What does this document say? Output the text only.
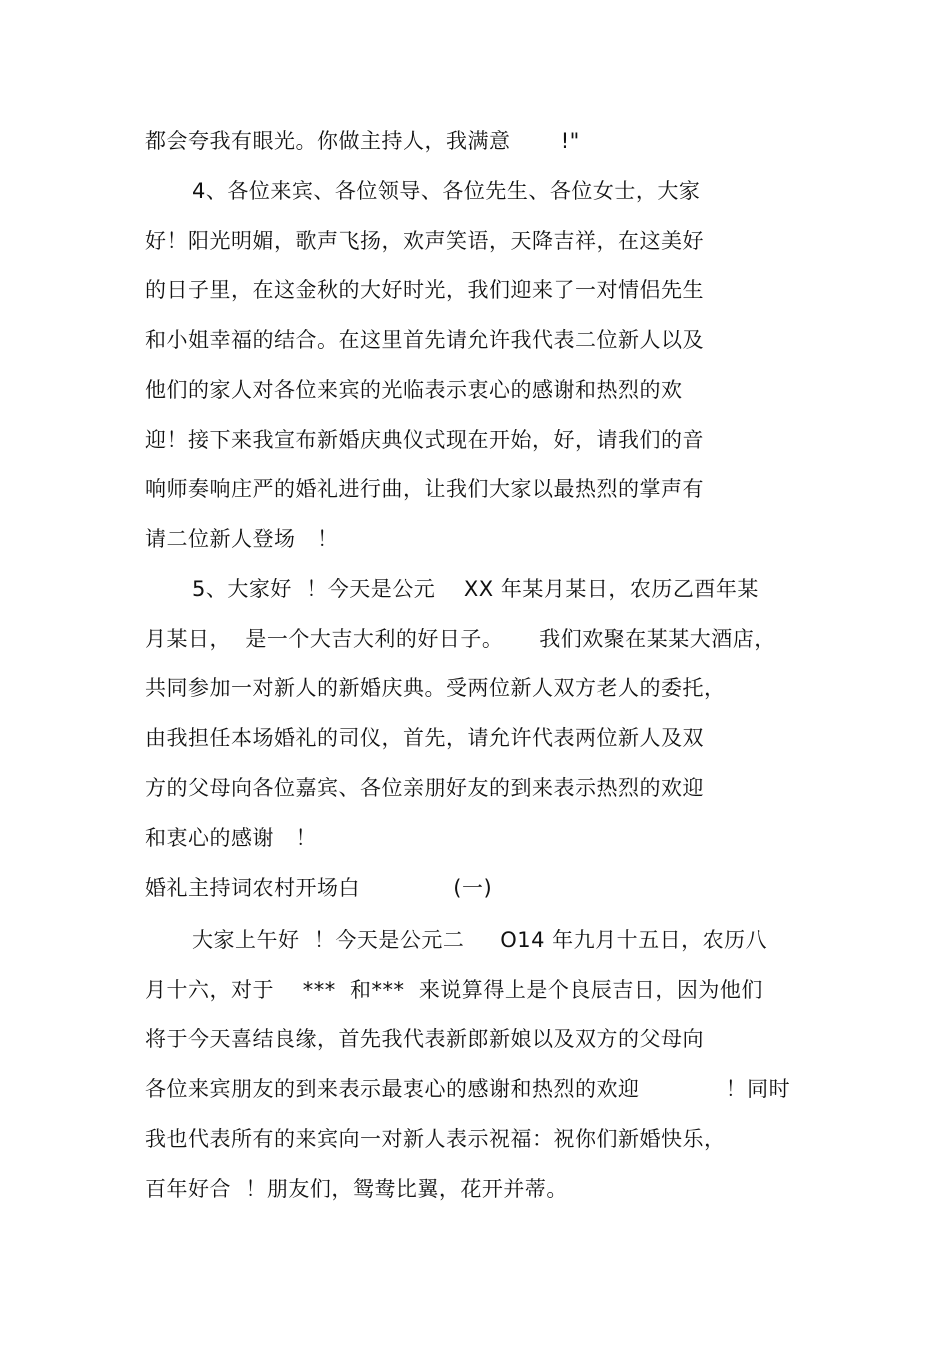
都会夸我有眼光。你做主持人，我满意       !"
4、各位来宾、各位领导、各位先生、各位女士，大家
好！阳光明媚，歌声飞扬，欢声笑语，天降吉祥，在这美好
的日子里，在这金秋的大好时光，我们迎来了一对情侣先生
和小姐幸福的结合。在这里首先请允许我代表二位新人以及
他们的家人对各位来宾的光临表示衷心的感谢和热烈的欢
迎！接下来我宣布新婚庆典仪式现在开始，好，请我们的音
响师奏响庄严的婚礼进行曲，让我们大家以最热烈的掌声有
请二位新人登场   ！
5、大家好  ！今天是公元    XX 年某月某日，农历乙酉年某
月某日，  是一个大吉大利的好日子。     我们欢聚在某某大酒店，
共同参加一对新人的新婚庆典。受两位新人双方老人的委托，
由我担任本场婚礼的司仪，首先，请允许代表两位新人及双
方的父母向各位嘉宾、各位亲朋好友的到来表示热烈的欢迎
和衷心的感谢   ！
婚礼主持词农村开场白             (一)
大家上午好  ！今天是公元二     O14 年九月十五日，农历八
月十六，对于    ***  和***  来说算得上是个良辰吉日，因为他们
将于今天喜结良缘，首先我代表新郎新娘以及双方的父母向
各位来宾朋友的到来表示最衷心的感谢和热烈的欢迎            ！同时
我也代表所有的来宾向一对新人表示祝福：祝你们新婚快乐，
百年好合  ！朋友们，鸳鸯比翼，花开并蒂。
